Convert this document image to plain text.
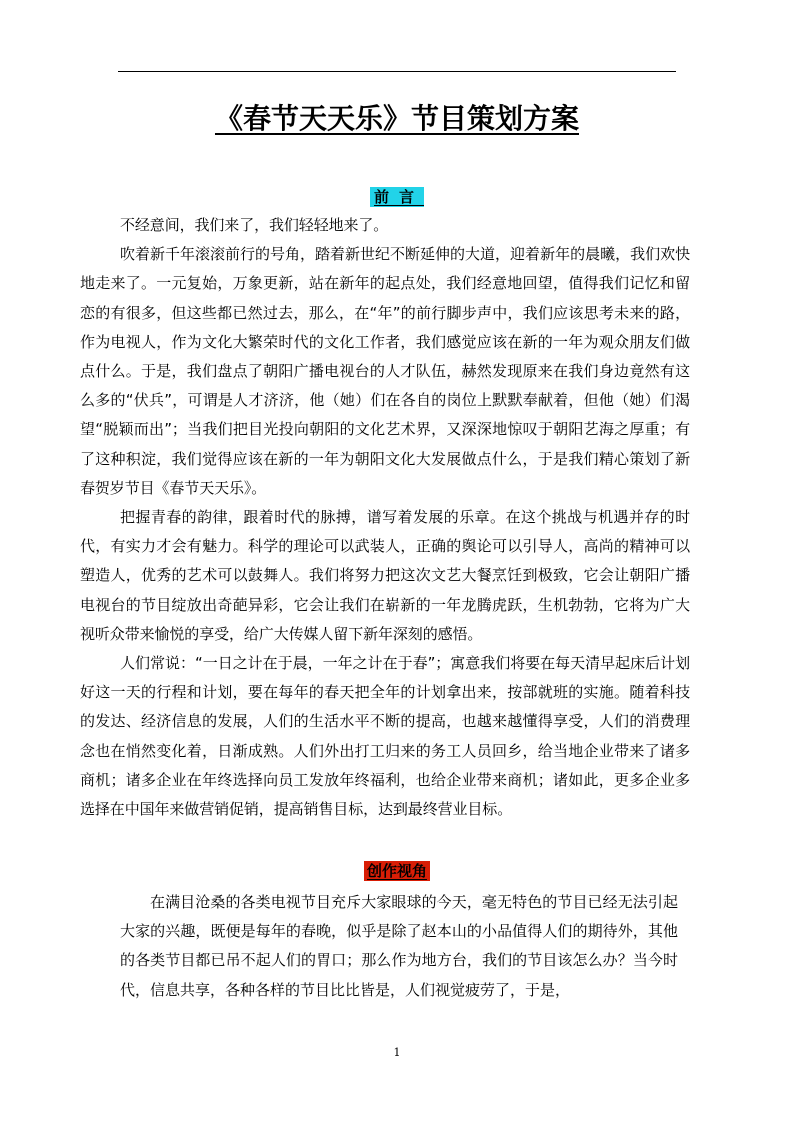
《春节天天乐》节目策划方案
前言

不经意间，我们来了，我们轻轻地来了。

吹着新千年滚滚前行的号角，踏着新世纪不断延伸的大道，迎着新年的晨曦，我们欢快地走来了。一元复始，万象更新，站在新年的起点处，我们经意地回望，值得我们记忆和留恋的有很多，但这些都已然过去，那么，在“年”的前行脚步声中，我们应该思考未来的路，作为电视人，作为文化大繁荣时代的文化工作者，我们感觉应该在新的一年为观众朋友们做点什么。于是，我们盘点了朝阳广播电视台的人才队伍，赫然发现原来在我们身边竟然有这么多的“伏兵”，可谓是人才济济，他（她）们在各自的岗位上默默奉献着，但他（她）们渴望“脱颖而出”；当我们把目光投向朝阳的文化艺术界，又深深地惊叹于朝阳艺海之厚重；有了这种积淀，我们觉得应该在新的一年为朝阳文化大发展做点什么，于是我们精心策划了新春贺岁节目《春节天天乐》。

把握青春的韵律，跟着时代的脉搏，谱写着发展的乐章。在这个挑战与机遇并存的时代，有实力才会有魅力。科学的理论可以武装人，正确的舆论可以引导人，高尚的精神可以塑造人，优秀的艺术可以鼓舞人。我们将努力把这次文艺大餐烹饪到极致，它会让朝阳广播电视台的节目绽放出奇葩异彩，它会让我们在崭新的一年龙腾虎跃，生机勃勃，它将为广大视听众带来愉悦的享受，给广大传媒人留下新年深刻的感悟。

人们常说：“一日之计在于晨，一年之计在于春”；寓意我们将要在每天清早起床后计划好这一天的行程和计划，要在每年的春天把全年的计划拿出来，按部就班的实施。随着科技的发达、经济信息的发展，人们的生活水平不断的提高，也越来越懂得享受，人们的消费理念也在悄然变化着，日渐成熟。人们外出打工归来的务工人员回乡，给当地企业带来了诸多商机；诸多企业在年终选择向员工发放年终福利，也给企业带来商机；诸如此，更多企业多选择在中国年来做营销促销，提高销售目标，达到最终营业目标。

创作视角

在满目沧桑的各类电视节目充斥大家眼球的今天，毫无特色的节目已经无法引起大家的兴趣，既便是每年的春晚，似乎是除了赵本山的小品值得人们的期待外，其他的各类节目都已吊不起人们的胃口；那么作为地方台，我们的节目该怎么办？当今时代，信息共享，各种各样的节目比比皆是，人们视觉疲劳了，于是，

1
